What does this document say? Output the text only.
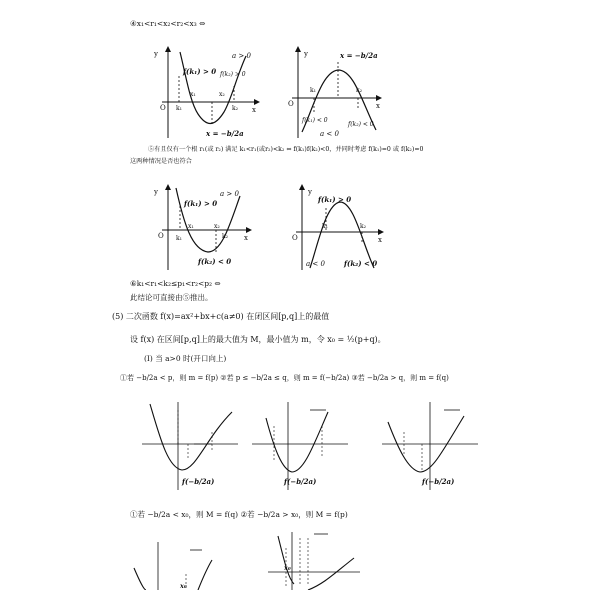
④x₁<r₁<x₂<r₂<x₃ ⇔
⑤有且仅有一个根 r₁(或 r₂) 满足 k₁<r₁(或r₂)<k₂ ⇔ f(k₁)f(k₂)<0，并同时考虑 f(k₁)=0 或 f(k₂)=0
这两种情况是否也符合
⑥k₁<r₁<k₂≤p₁<r₂<p₂ ⇔
此结论可直接由⑤推出。
(5) 二次函数 f(x)=ax²+bx+c(a≠0) 在闭区间[p,q]上的最值
设 f(x) 在区间[p,q]上的最大值为 M，最小值为 m，令 x₀ = ½(p+q)。
(I) 当 a>0 时(开口向上)
①若 −b/2a < p，则 m = f(p) ②若 p ≤ −b/2a ≤ q，则 m = f(−b/2a) ③若 −b/2a > q，则 m = f(q)
①若 −b/2a < x₀，则 M = f(q) ②若 −b/2a > x₀，则 M = f(p)
y
x
O
a > 0
f(k₁) > 0 f(k₂) > 0
k₁
x₁	x₂
k₂
x = −b/2a
y
x
O
x = −b/2a
k₁	k₂
f(k₁) < 0
f(k₂) < 0
a < 0
y
x
O
a > 0
f(k₁) > 0
k₁
x₁	x₂
k₂
f(k₂) < 0
y
x
O
f(k₁) > 0
k₁	k₂
a < 0	f(k₂) < 0
f(−b/2a)	f(−b/2a)	f(−b/2a)
x₀
x₀
